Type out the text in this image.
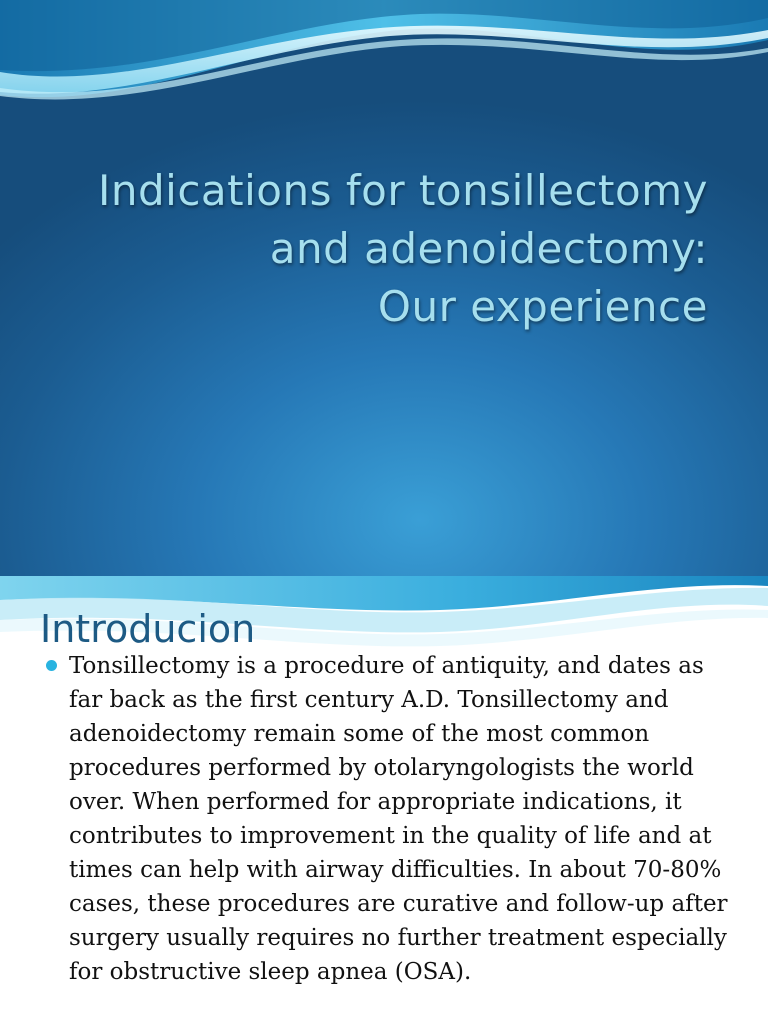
Indications for tonsillectomy
and adenoidectomy:
Our experience
Introducion
Tonsillectomy is a procedure of antiquity, and dates as far back as the first century A.D. Tonsillectomy and adenoidectomy remain some of the most common procedures performed by otolaryngologists the world over. When performed for appropriate indications, it contributes to improvement in the quality of life and at times can help with airway difficulties. In about 70-80% cases, these procedures are curative and follow-up after surgery usually requires no further treatment especially for obstructive sleep apnea (OSA).
